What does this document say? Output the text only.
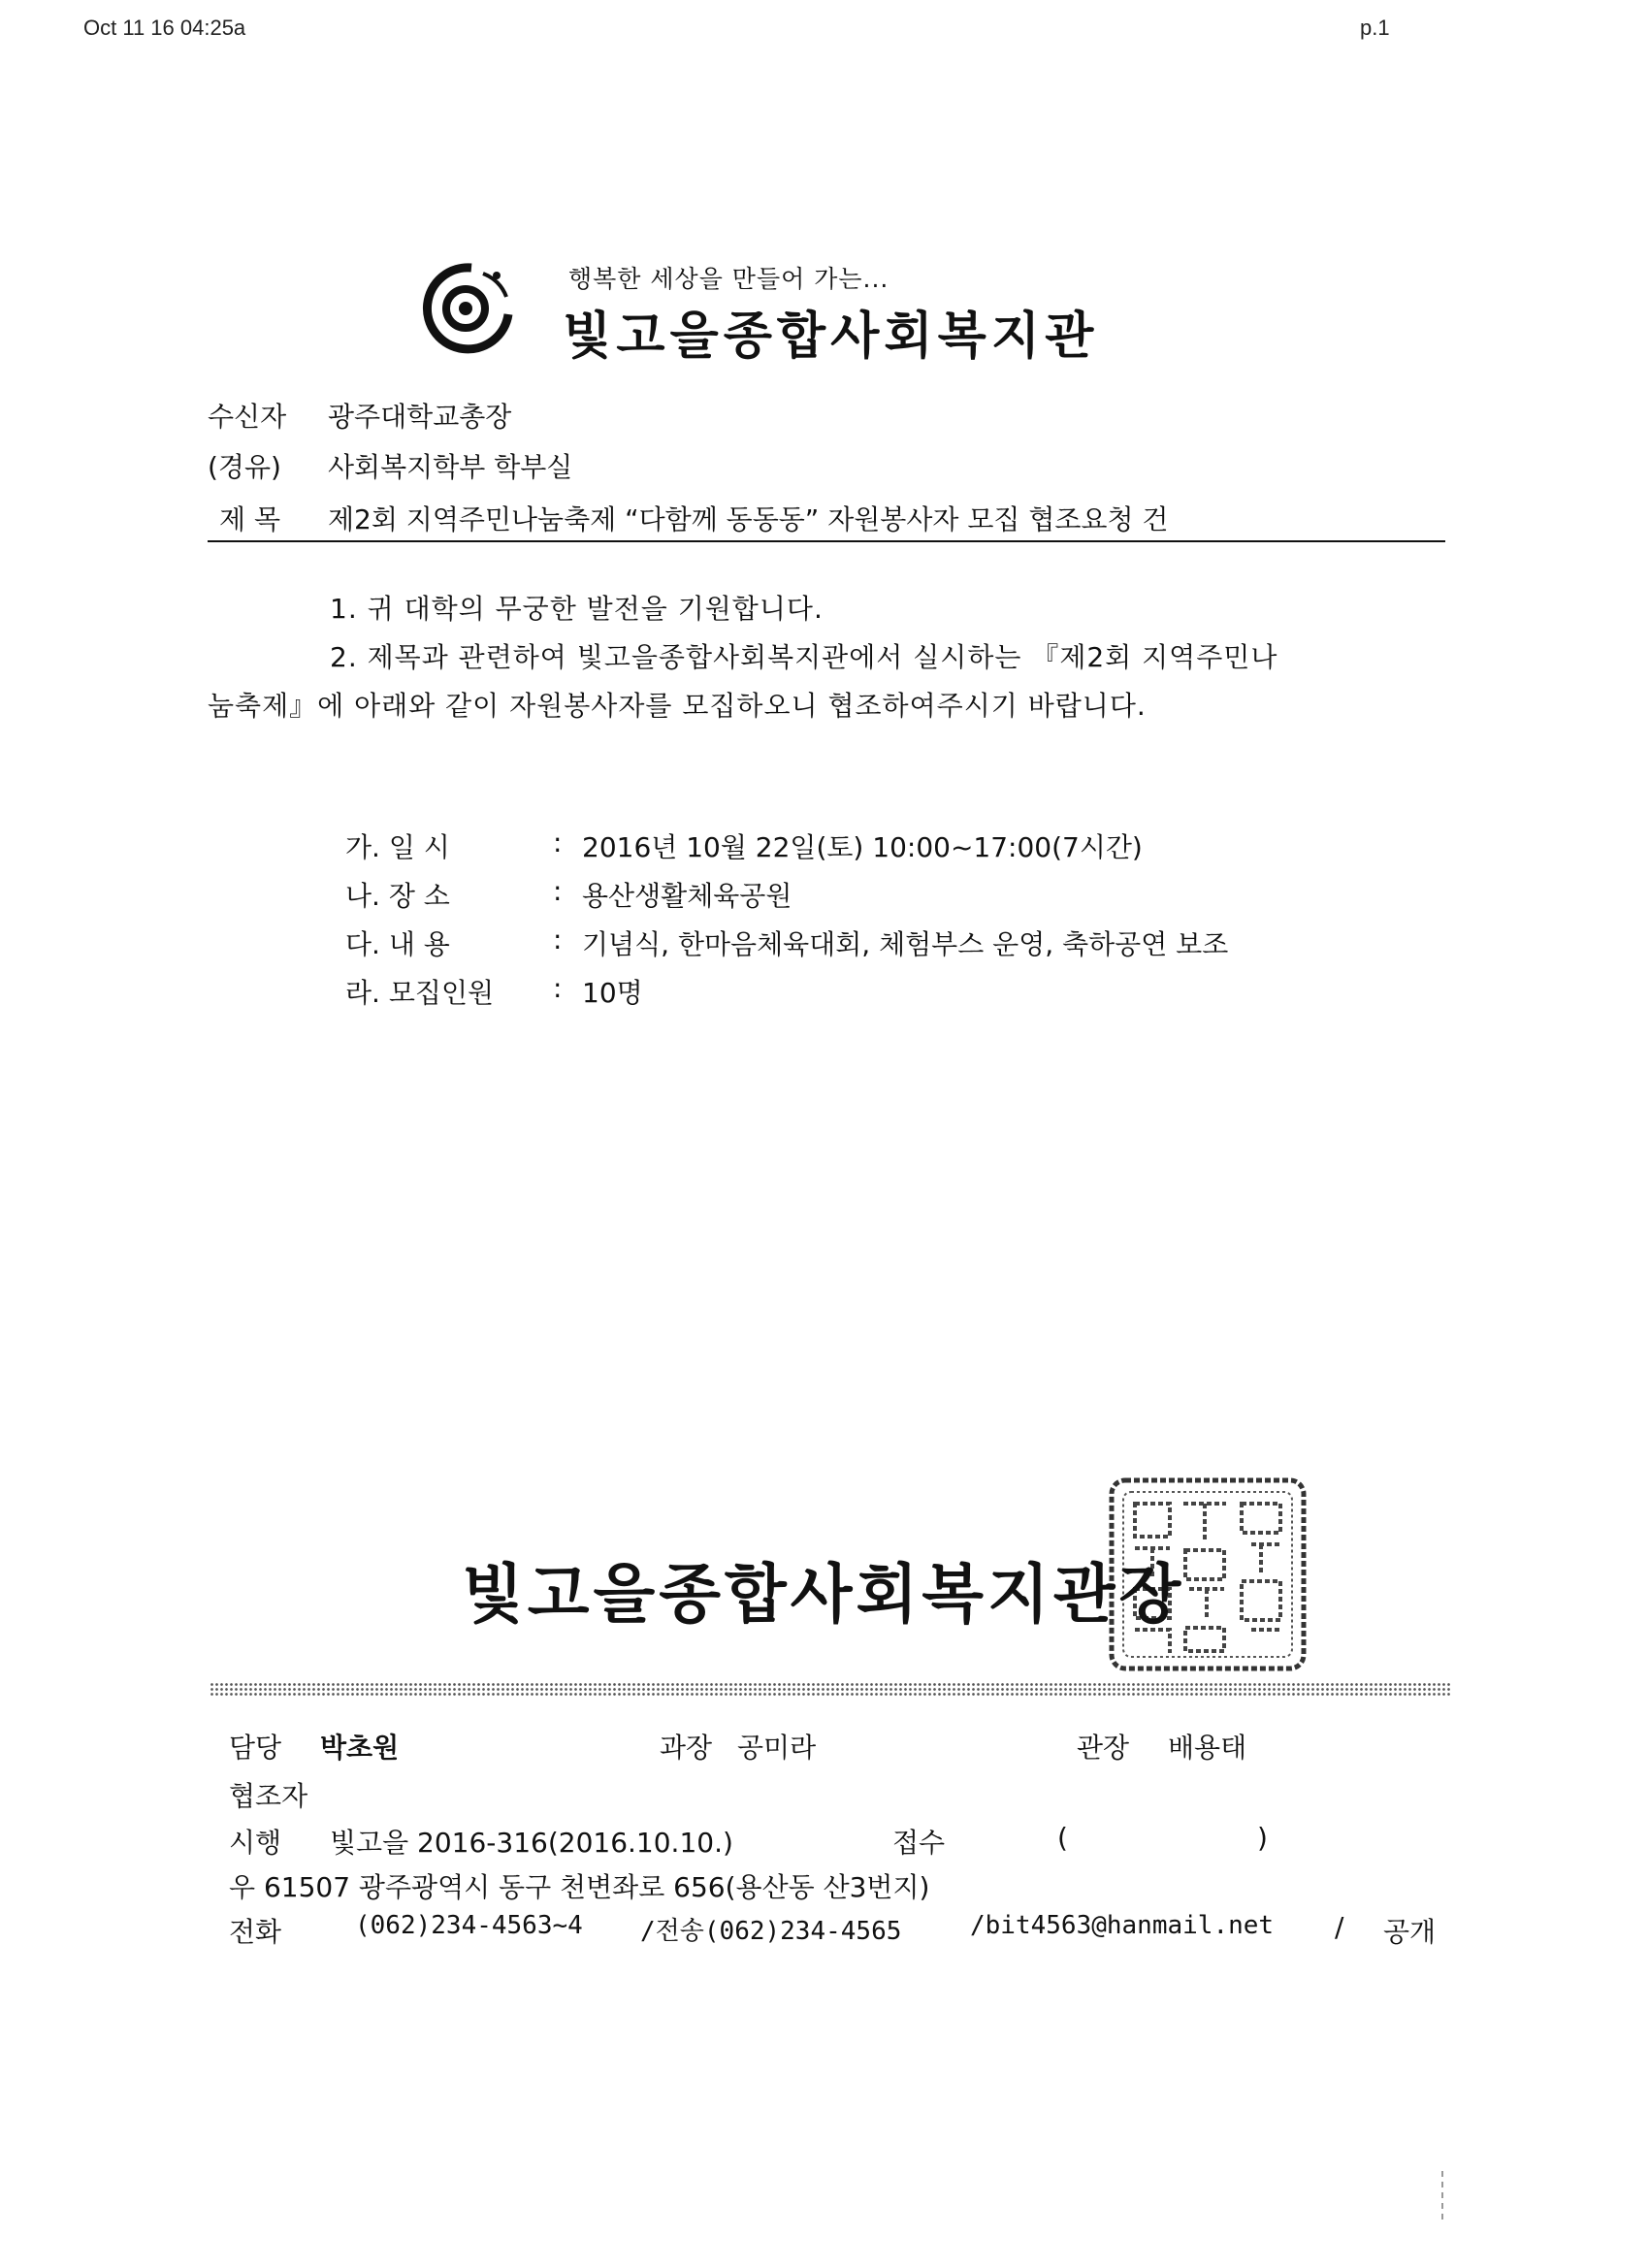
Oct 11 16 04:25a	p.1
행복한 세상을 만들어 가는...
빛고을종합사회복지관
수신자 광주대학교총장
(경유) 사회복지학부 학부실
제 목 제2회 지역주민나눔축제 “다함께 동동동” 자원봉사자 모집 협조요청 건
1. 귀 대학의 무궁한 발전을 기원합니다.
2. 제목과 관련하여 빛고을종합사회복지관에서 실시하는 『제2회 지역주민나
눔축제』에 아래와 같이 자원봉사자를 모집하오니 협조하여주시기 바랍니다.
가. 일 시	: 2016년 10월 22일(토) 10:00~17:00(7시간)
나. 장 소	: 용산생활체육공원
다. 내 용	: 기념식, 한마음체육대회, 체험부스 운영, 축하공연 보조
라. 모집인원 : 10명
빛고을종합사회복지관장
담당 박초원	과장 공미라	관장 배용태
협조자
시행 빛고을 2016-316(2016.10.10.)	접수	(	)
우 61507 광주광역시 동구 천변좌로 656(용산동 산3번지)
전화	(062)234-4563~4 /전송(062)234-4565	/bit4563@hanmail.net / 공개
